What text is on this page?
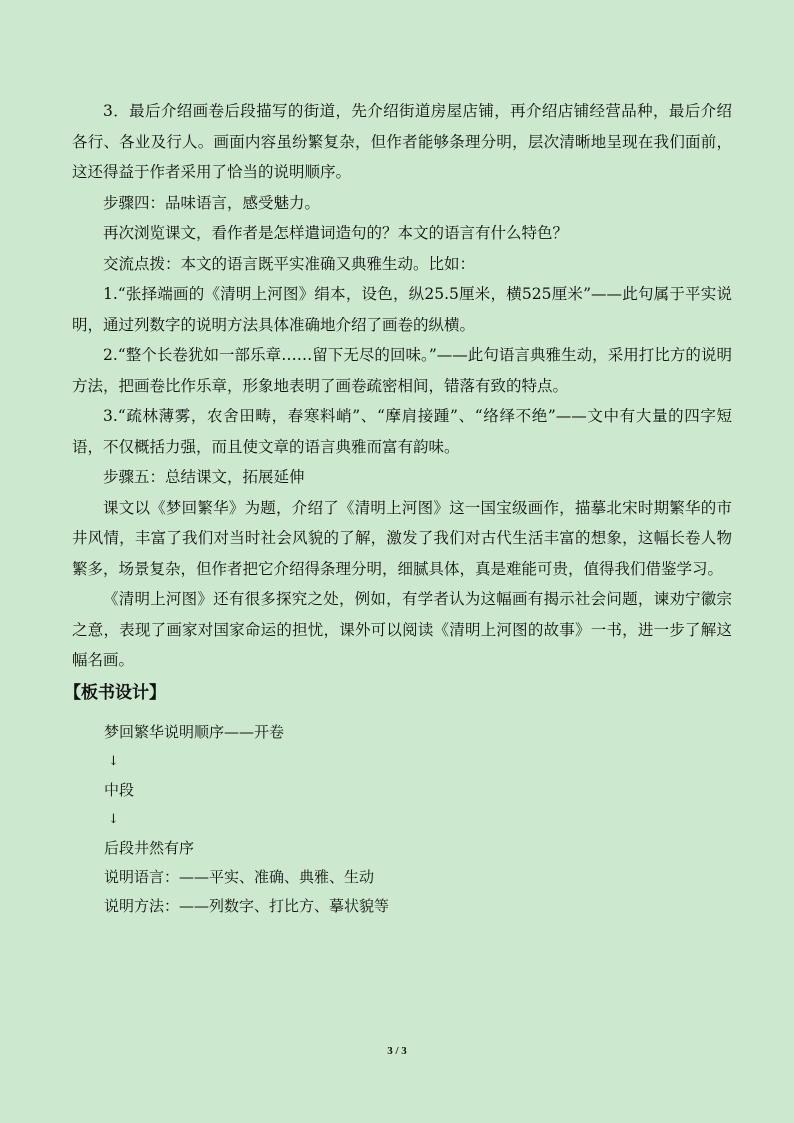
3．最后介绍画卷后段描写的街道，先介绍街道房屋店铺，再介绍店铺经营品种，最后介绍各行、各业及行人。画面内容虽纷繁复杂，但作者能够条理分明，层次清晰地呈现在我们面前，这还得益于作者采用了恰当的说明顺序。

步骤四：品味语言，感受魅力。

再次浏览课文，看作者是怎样遣词造句的？本文的语言有什么特色？

交流点拨：本文的语言既平实准确又典雅生动。比如：

1.“张择端画的《清明上河图》绢本，设色，纵25.5厘米，横525厘米”——此句属于平实说明，通过列数字的说明方法具体准确地介绍了画卷的纵横。

2.“整个长卷犹如一部乐章……留下无尽的回味。”——此句语言典雅生动，采用打比方的说明方法，把画卷比作乐章，形象地表明了画卷疏密相间，错落有致的特点。

3.“疏林薄雾，农舍田畴，春寒料峭”、“摩肩接踵”、“络绎不绝”——文中有大量的四字短语，不仅概括力强，而且使文章的语言典雅而富有韵味。

步骤五：总结课文，拓展延伸

课文以《梦回繁华》为题，介绍了《清明上河图》这一国宝级画作，描摹北宋时期繁华的市井风情，丰富了我们对当时社会风貌的了解，激发了我们对古代生活丰富的想象，这幅长卷人物繁多，场景复杂，但作者把它介绍得条理分明，细腻具体，真是难能可贵，值得我们借鉴学习。

《清明上河图》还有很多探究之处，例如，有学者认为这幅画有揭示社会问题，谏劝宁徽宗之意，表现了画家对国家命运的担忧，课外可以阅读《清明上河图的故事》一书，进一步了解这幅名画。

【板书设计】
梦回繁华说明顺序——开卷
↓
中段
↓
后段井然有序
说明语言：——平实、准确、典雅、生动
说明方法：——列数字、打比方、摹状貌等
3 / 3
